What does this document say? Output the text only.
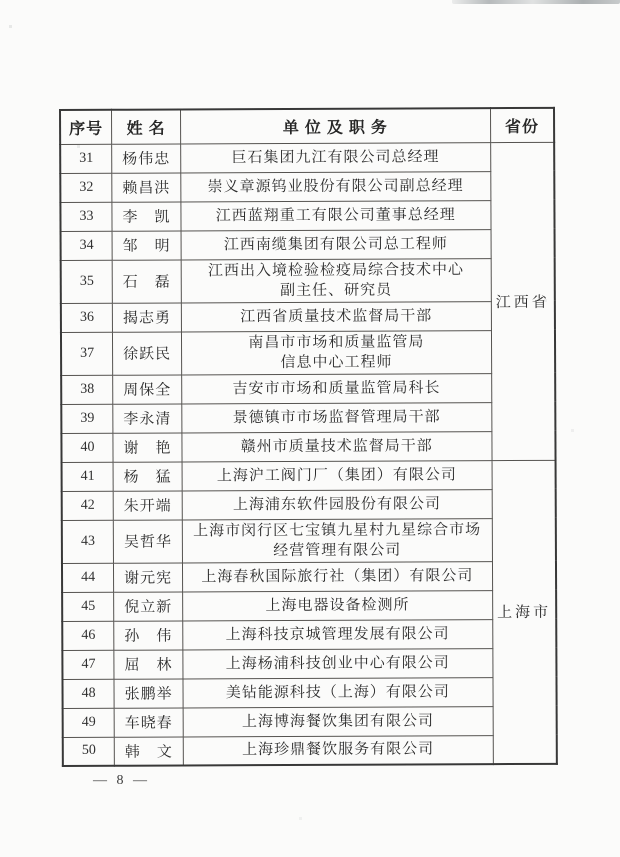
序号	姓 名	单 位 及 职 务	省份
31	杨伟忠	巨石集团九江有限公司总经理	江西省
32	赖昌洪	崇义章源钨业股份有限公司副总经理	
33	李　凯	江西蓝翔重工有限公司董事总经理	
34	邹　明	江西南缆集团有限公司总工程师	
35	石　磊	江西出入境检验检疫局综合技术中心
副主任、研究员	
36	揭志勇	江西省质量技术监督局干部	
37	徐跃民	南昌市市场和质量监管局
信息中心工程师	
38	周保全	吉安市市场和质量监管局科长	
39	李永清	景德镇市市场监督管理局干部	
40	谢　艳	赣州市质量技术监督局干部	
41	杨　猛	上海沪工阀门厂（集团）有限公司	上海市
42	朱开端	上海浦东软件园股份有限公司	
43	吴哲华	上海市闵行区七宝镇九星村九星综合市场
经营管理有限公司	
44	谢元宪	上海春秋国际旅行社（集团）有限公司	
45	倪立新	上海电器设备检测所	
46	孙　伟	上海科技京城管理发展有限公司	
47	屈　林	上海杨浦科技创业中心有限公司	
48	张鹏举	美钻能源科技（上海）有限公司	
49	车晓春	上海博海餐饮集团有限公司	
50	韩　文	上海珍鼎餐饮服务有限公司	
— 8 —
